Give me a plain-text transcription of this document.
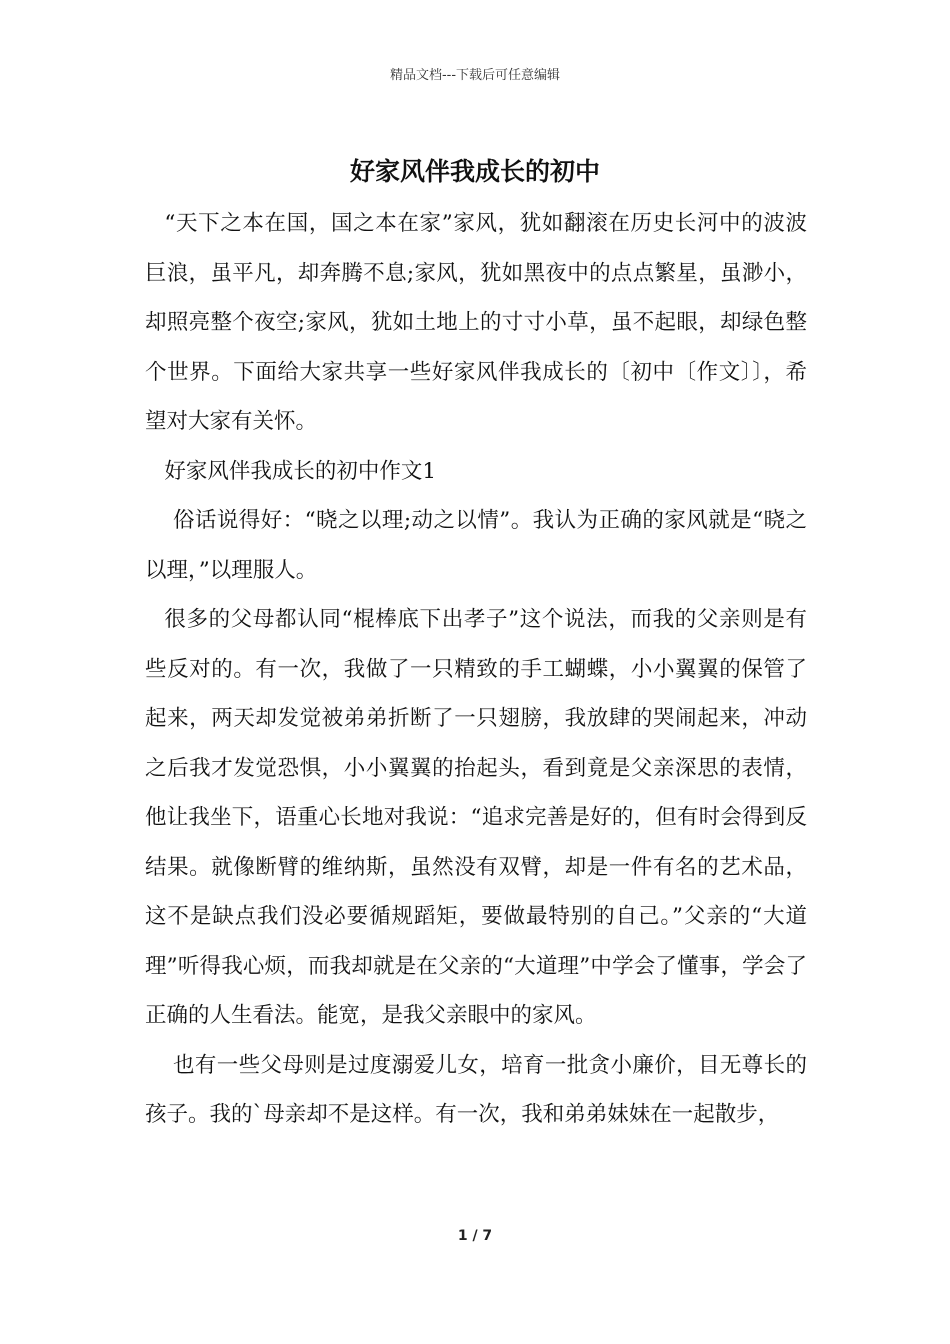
精品文档---下载后可任意编辑
好家风伴我成长的初中

“天下之本在国，国之本在家”家风，犹如翻滚在历史长河中的波波巨浪，虽平凡，却奔腾不息;家风，犹如黑夜中的点点繁星，虽渺小，却照亮整个夜空;家风，犹如土地上的寸寸小草，虽不起眼，却绿色整个世界。下面给大家共享一些好家风伴我成长的〔初中〔作文〕〕，希望对大家有关怀。

好家风伴我成长的初中作文1

俗话说得好：“晓之以理;动之以情”。我认为正确的家风就是“晓之以理，”以理服人。

很多的父母都认同“棍棒底下出孝子”这个说法，而我的父亲则是有些反对的。有一次，我做了一只精致的手工蝴蝶，小小翼翼的保管了起来，两天却发觉被弟弟折断了一只翅膀，我放肆的哭闹起来，冲动之后我才发觉恐惧，小小翼翼的抬起头，看到竟是父亲深思的表情，他让我坐下，语重心长地对我说：“追求完善是好的，但有时会得到反结果。就像断臂的维纳斯，虽然没有双臂，却是一件有名的艺术品，这不是缺点我们没必要循规蹈矩，要做最特别的自己。”父亲的“大道理”听得我心烦，而我却就是在父亲的“大道理”中学会了懂事，学会了正确的人生看法。能宽，是我父亲眼中的家风。

也有一些父母则是过度溺爱儿女，培育一批贪小廉价，目无尊长的孩子。我的`母亲却不是这样。有一次，我和弟弟妹妹在一起散步，

1 / 7
